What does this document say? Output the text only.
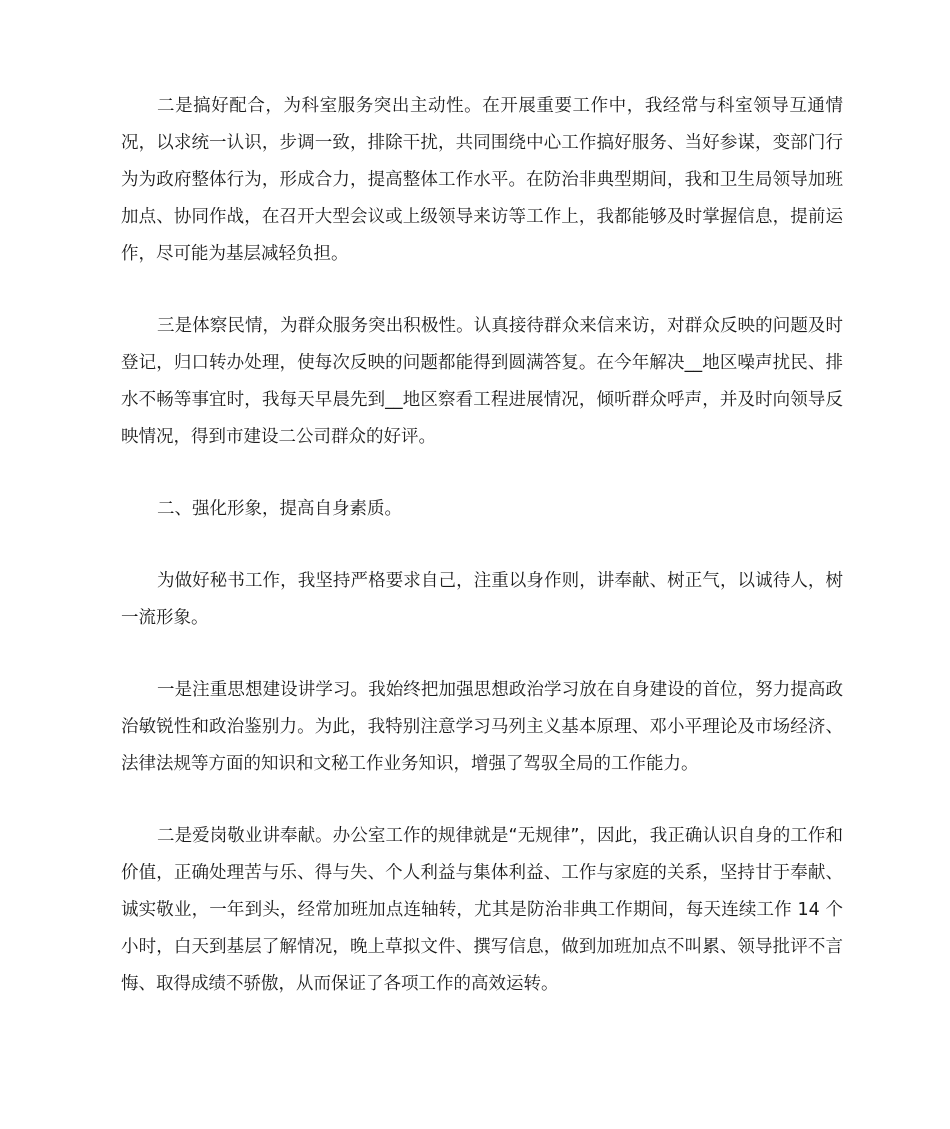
二是搞好配合，为科室服务突出主动性。在开展重要工作中，我经常与科室领导互通情况，以求统一认识，步调一致，排除干扰，共同围绕中心工作搞好服务、当好参谋，变部门行为为政府整体行为，形成合力，提高整体工作水平。在防治非典型期间，我和卫生局领导加班加点、协同作战，在召开大型会议或上级领导来访等工作上，我都能够及时掌握信息，提前运作，尽可能为基层减轻负担。

三是体察民情，为群众服务突出积极性。认真接待群众来信来访，对群众反映的问题及时登记，归口转办处理，使每次反映的问题都能得到圆满答复。在今年解决__地区噪声扰民、排水不畅等事宜时，我每天早晨先到__地区察看工程进展情况，倾听群众呼声，并及时向领导反映情况，得到市建设二公司群众的好评。

二、强化形象，提高自身素质。

为做好秘书工作，我坚持严格要求自己，注重以身作则，讲奉献、树正气，以诚待人，树一流形象。

一是注重思想建设讲学习。我始终把加强思想政治学习放在自身建设的首位，努力提高政治敏锐性和政治鉴别力。为此，我特别注意学习马列主义基本原理、邓小平理论及市场经济、法律法规等方面的知识和文秘工作业务知识，增强了驾驭全局的工作能力。

二是爱岗敬业讲奉献。办公室工作的规律就是“无规律”，因此，我正确认识自身的工作和价值，正确处理苦与乐、得与失、个人利益与集体利益、工作与家庭的关系，坚持甘于奉献、诚实敬业，一年到头，经常加班加点连轴转，尤其是防治非典工作期间，每天连续工作 14 个小时，白天到基层了解情况，晚上草拟文件、撰写信息，做到加班加点不叫累、领导批评不言悔、取得成绩不骄傲，从而保证了各项工作的高效运转。
